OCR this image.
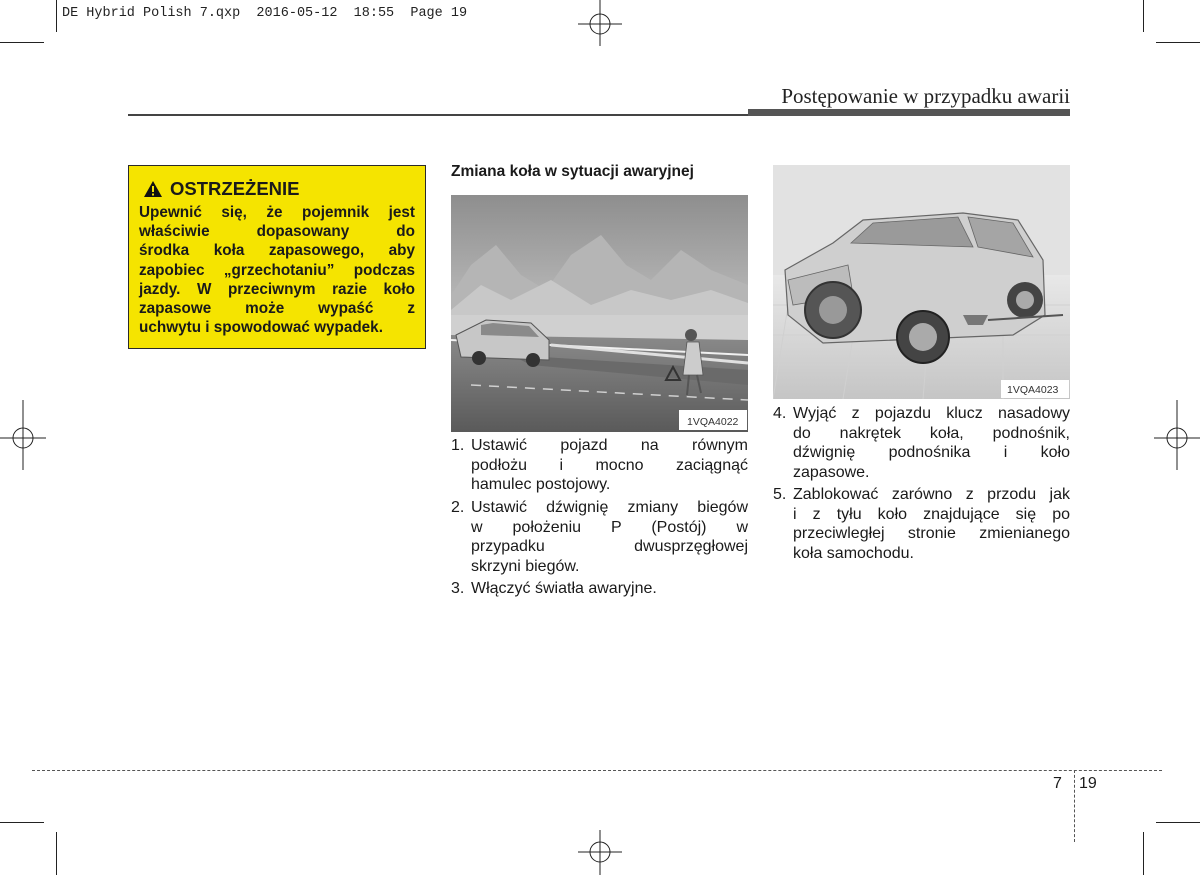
DE Hybrid Polish 7.qxp  2016-05-12  18:55  Page 19
Postępowanie w przypadku awarii
OSTRZEŻENIE
Upewnić się, że pojemnik jest
właściwie dopasowany do
środka koła zapasowego, aby
zapobiec „grzechotaniu” podczas
jazdy. W przeciwnym razie koło
zapasowe może wypaść z
uchwytu i spowodować wypadek.
Zmiana koła w sytuacji awaryjnej
1VQA4022
1VQA4023
1. Ustawić pojazd na równym
podłożu i mocno zaciągnąć
hamulec postojowy.
2. Ustawić dźwignię zmiany biegów
w położeniu P (Postój) w
przypadku dwusprzęgłowej
skrzyni biegów.
3. Włączyć światła awaryjne.
4. Wyjąć z pojazdu klucz nasadowy
do nakrętek koła, podnośnik,
dźwignię podnośnika i koło
zapasowe.
5. Zablokować zarówno z przodu jak
i z tyłu koło znajdujące się po
przeciwległej stronie zmienianego
koła samochodu.
7 19
